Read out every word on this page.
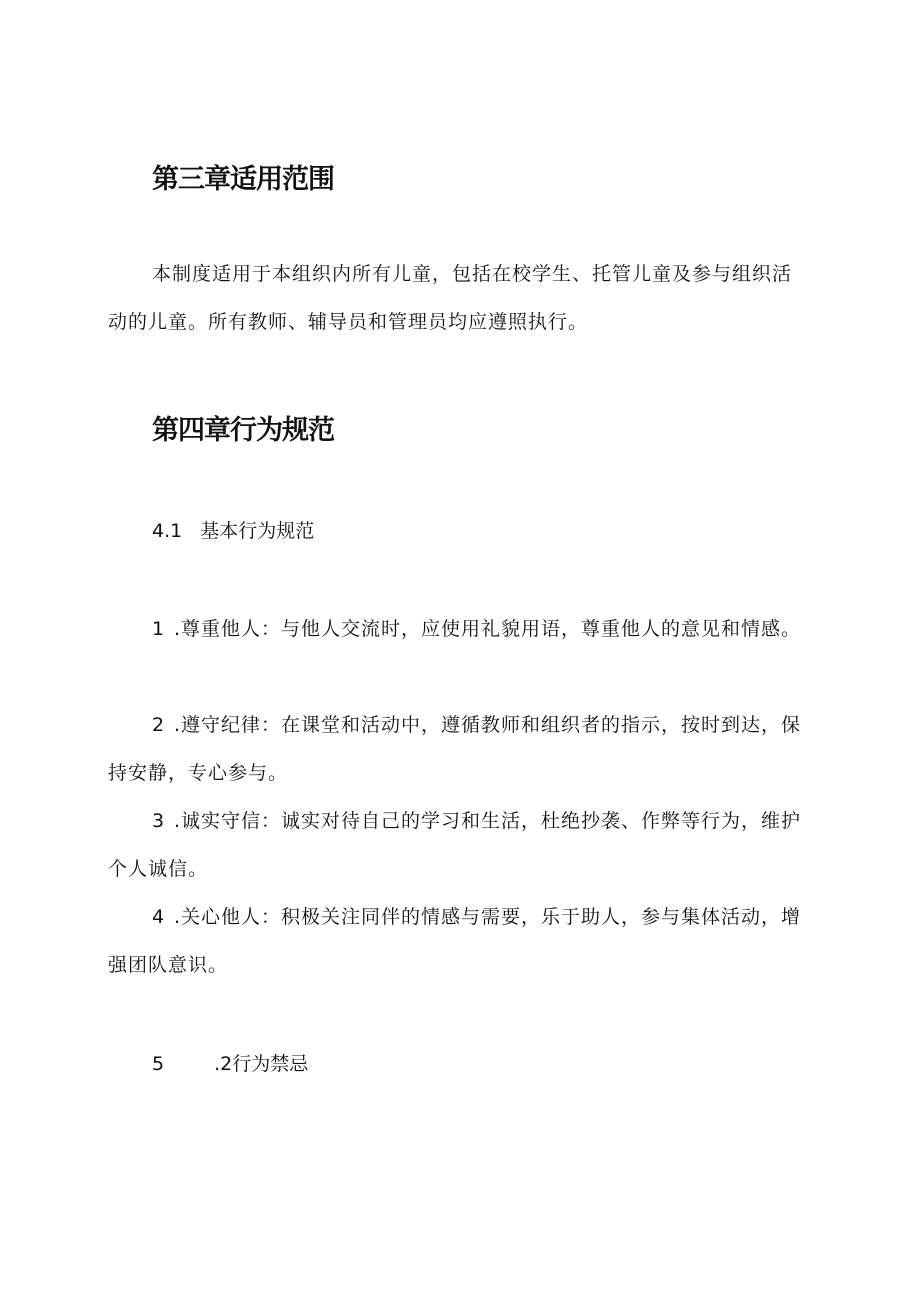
第三章适用范围
本制度适用于本组织内所有儿童，包括在校学生、托管儿童及参与组织活动的儿童。所有教师、辅导员和管理员均应遵照执行。
第四章行为规范
4.1 基本行为规范
1 .尊重他人：与他人交流时，应使用礼貌用语，尊重他人的意见和情感。
2 .遵守纪律：在课堂和活动中，遵循教师和组织者的指示，按时到达，保持安静，专心参与。
3 .诚实守信：诚实对待自己的学习和生活，杜绝抄袭、作弊等行为，维护个人诚信。
4 .关心他人：积极关注同伴的情感与需要，乐于助人，参与集体活动，增强团队意识。
5	.2行为禁忌
